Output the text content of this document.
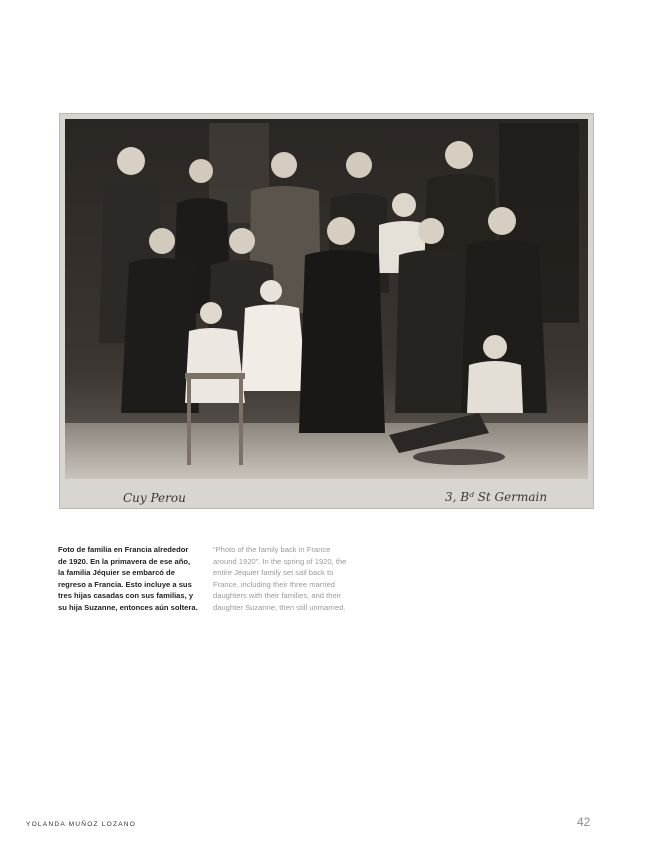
Cuy Perou	3, Bᵈ St Germain
Foto de familia en Francia alrededor
de 1920. En la primavera de ese año,
la familia Jéquier se embarcó de
regreso a Francia. Esto incluye a sus
tres hijas casadas con sus familias, y
su hija Suzanne, entonces aún soltera.
“Photo of the family back in France
around 1920”. In the spring of 1920, the
entire Jéquier family set sail back to
France, including their three married
daughters with their families, and their
daughter Suzanne, then still unmarried.
YOLANDA MUÑOZ LOZANO	42
